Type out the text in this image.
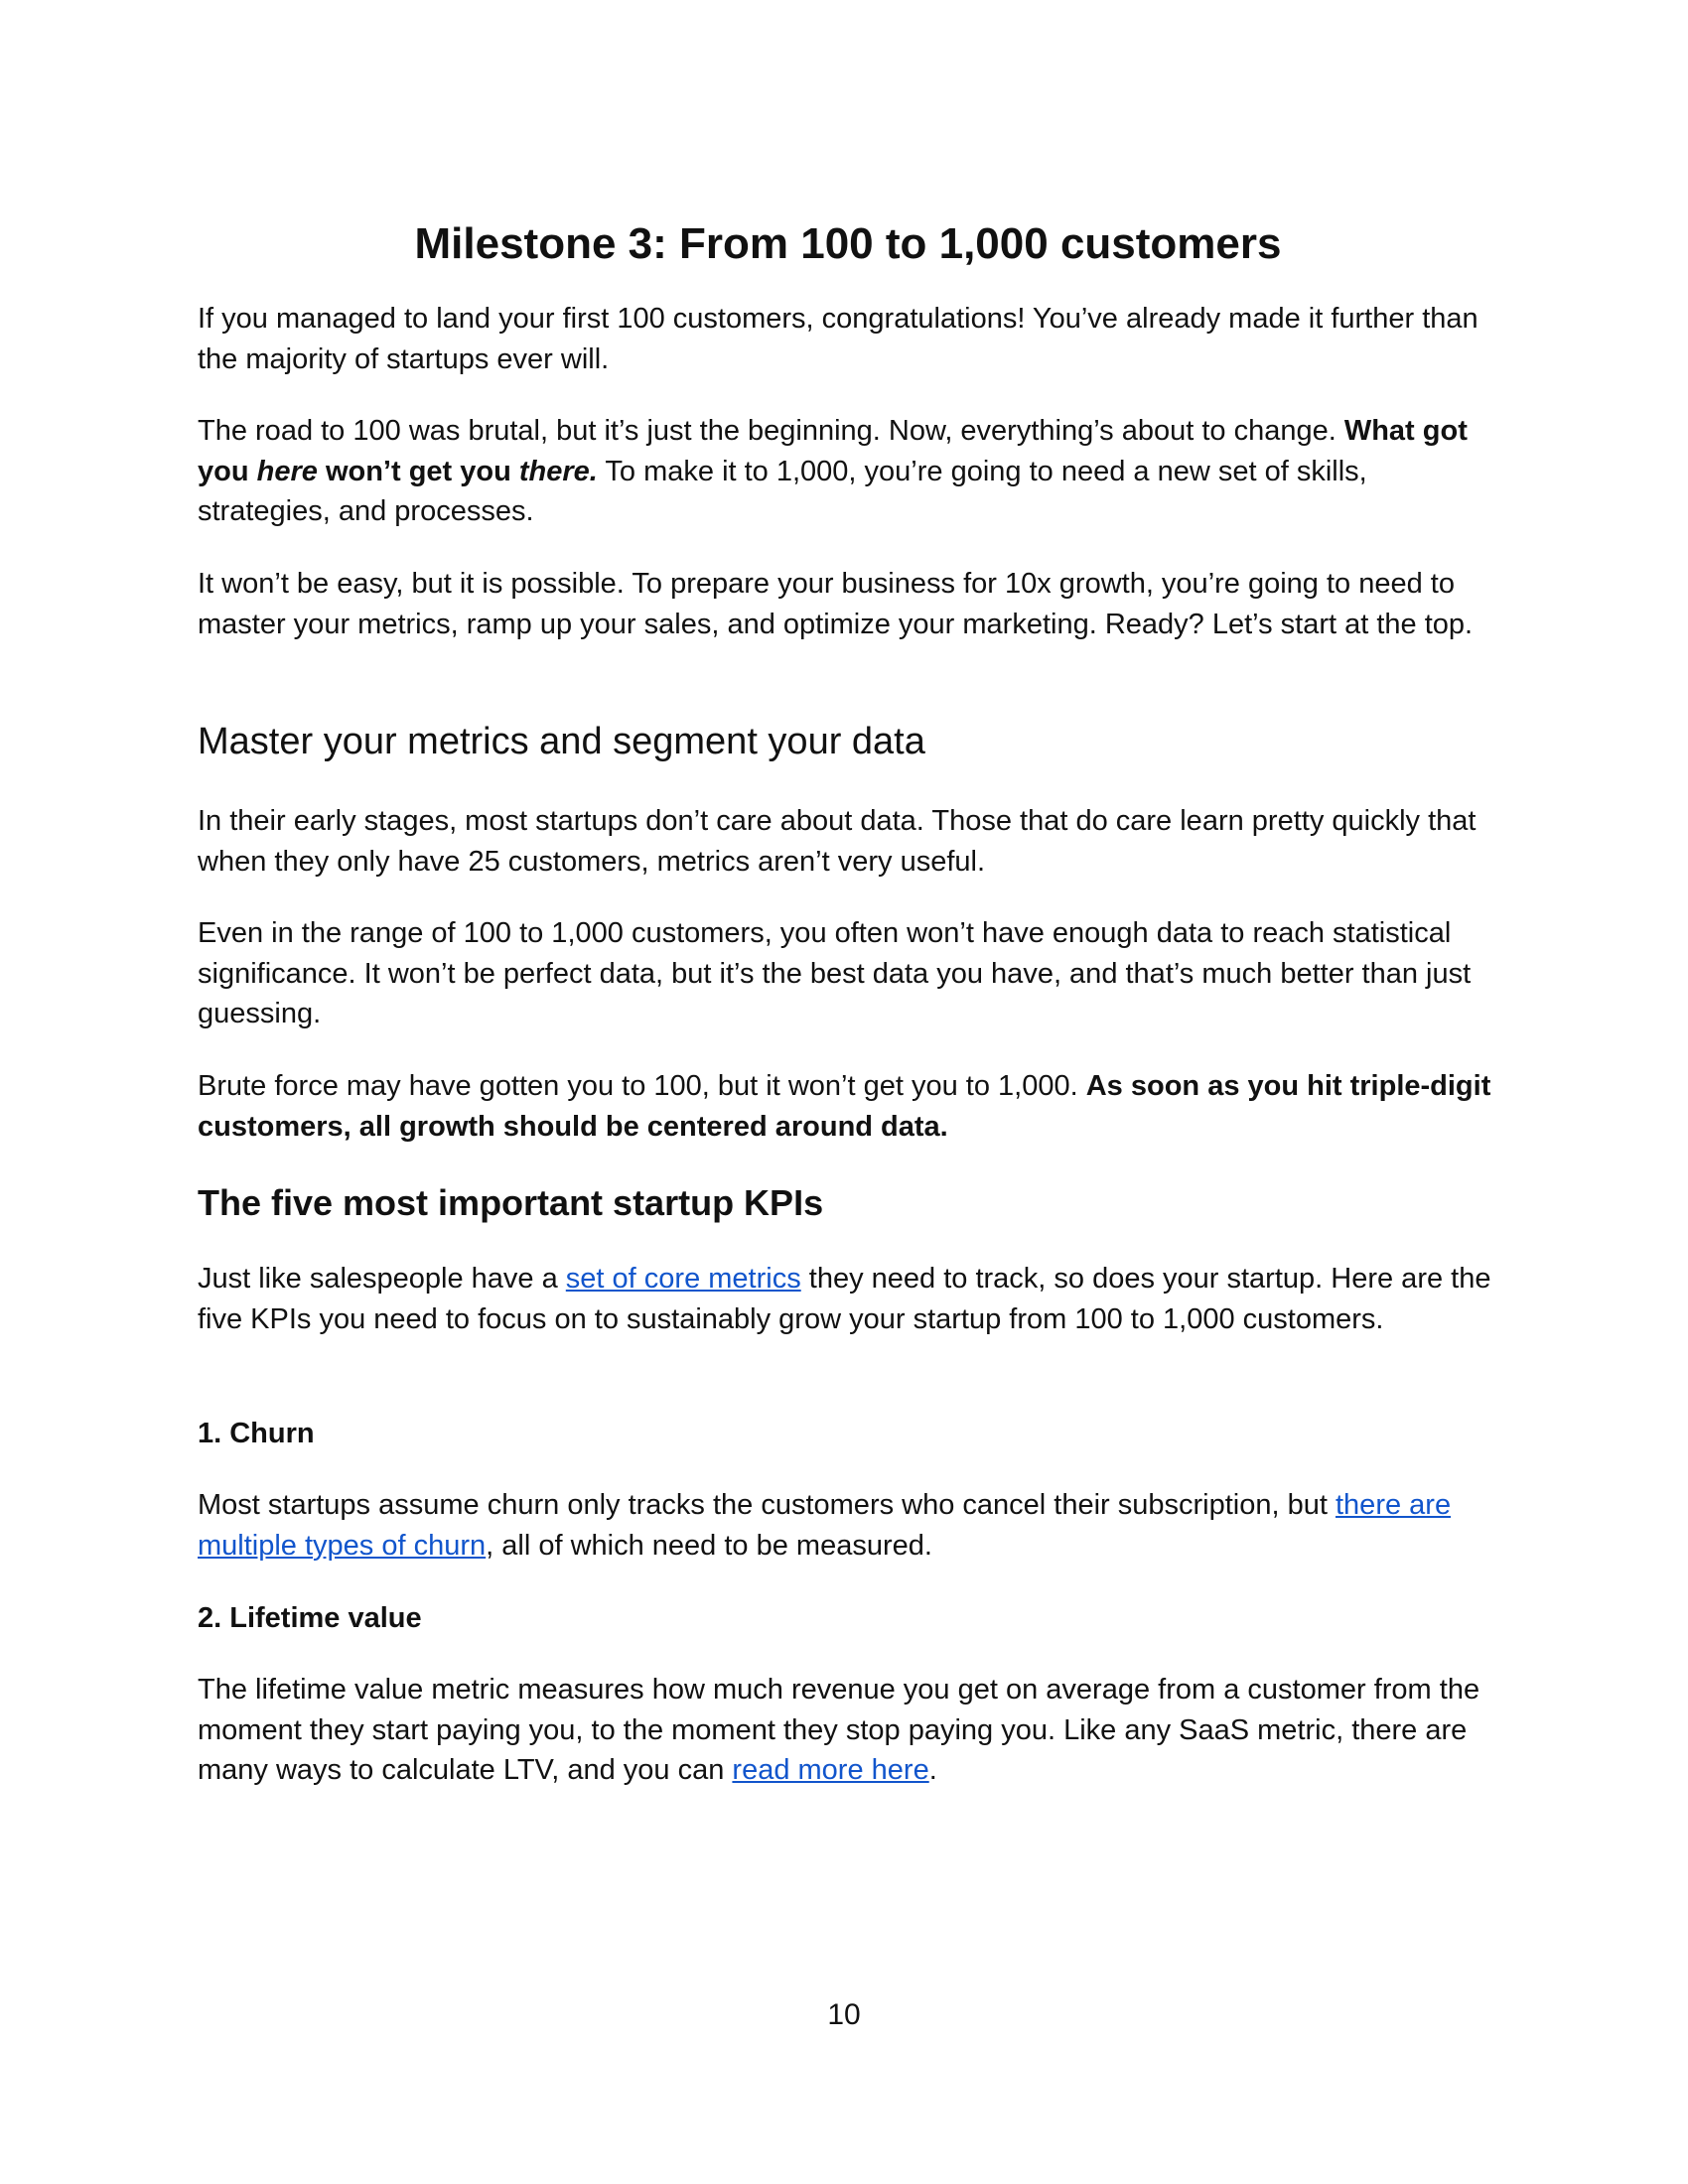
Milestone 3: From 100 to 1,000 customers

If you managed to land your first 100 customers, congratulations! You’ve already made it further than the majority of startups ever will.

The road to 100 was brutal, but it’s just the beginning. Now, everything’s about to change. What got you here won’t get you there. To make it to 1,000, you’re going to need a new set of skills, strategies, and processes.

It won’t be easy, but it is possible. To prepare your business for 10x growth, you’re going to need to master your metrics, ramp up your sales, and optimize your marketing. Ready? Let’s start at the top.

Master your metrics and segment your data

In their early stages, most startups don’t care about data. Those that do care learn pretty quickly that when they only have 25 customers, metrics aren’t very useful.

Even in the range of 100 to 1,000 customers, you often won’t have enough data to reach statistical significance. It won’t be perfect data, but it’s the best data you have, and that’s much better than just guessing.

Brute force may have gotten you to 100, but it won’t get you to 1,000. As soon as you hit triple-digit customers, all growth should be centered around data.

The five most important startup KPIs

Just like salespeople have a set of core metrics they need to track, so does your startup. Here are the five KPIs you need to focus on to sustainably grow your startup from 100 to 1,000 customers.

1. Churn

Most startups assume churn only tracks the customers who cancel their subscription, but there are multiple types of churn, all of which need to be measured.

2. Lifetime value

The lifetime value metric measures how much revenue you get on average from a customer from the moment they start paying you, to the moment they stop paying you. Like any SaaS metric, there are many ways to calculate LTV, and you can read more here.

10
